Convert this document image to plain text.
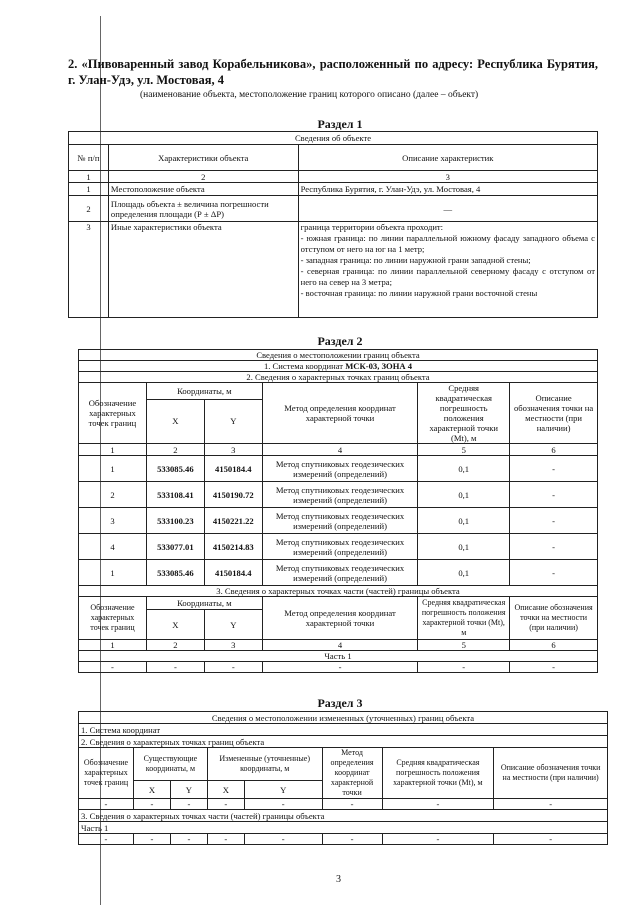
2. «Пивоваренный завод Корабельникова», расположенный по адресу: Республика Бурятия, г. Улан-Удэ, ул. Мостовая, 4
(наименование объекта, местоположение границ которого описано (далее – объект)
Раздел 1
Сведения об объекте		
№ п/п	Характеристики объекта	Описание характеристик
1	2	3
1	Местоположение объекта	Республика Бурятия, г. Улан-Удэ, ул. Мостовая, 4
2	Площадь объекта ± величина погрешности определения площади (Р ± ΔР)	—
3	Иные характеристики объекта	граница территории объекта проходит:
- южная граница: по линии параллельной южному фасаду западного объема с отступом от него на юг на 1 метр;
- западная граница: по линии наружной грани западной стены;
- северная граница: по линии параллельной северному фасаду с отступом от него на север на 3 метра;
- восточная граница: по линии наружной грани восточной стены
Раздел 2
Сведения о местоположении границ объекта					
1. Система координат МСК-03, ЗОНА 4					
2. Сведения о характерных точках границ объекта					
Обозначение характерных точек границ	Координаты, м		Метод определения координат характерной точки	Средняя квадратическая погрешность положения характерной точки (Mt), м	Описание обозначения точки на местности (при наличии)
	X	Y			
1	2	3	4	5	6
1	533085.46	4150184.4	Метод спутниковых геодезических измерений (определений)	0,1	-
2	533108.41	4150190.72	Метод спутниковых геодезических измерений (определений)	0,1	-
3	533100.23	4150221.22	Метод спутниковых геодезических измерений (определений)	0,1	-
4	533077.01	4150214.83	Метод спутниковых геодезических измерений (определений)	0,1	-
1	533085.46	4150184.4	Метод спутниковых геодезических измерений (определений)	0,1	-
3. Сведения о характерных точках части (частей) границы объекта					
Обозначение характерных точек границ	Координаты, м		Метод определения координат характерной точки	Средняя квадратическая погрешность положения характерной точки (Mt), м	Описание обозначения точки на местности (при наличии)
	X	Y			
1	2	3	4	5	6
Часть 1					
-	-	-	-	-	-
Раздел 3
Сведения о местоположении измененных (уточненных) границ объекта							
1. Система координат							
2. Сведения о характерных точках границ объекта							
Обозначение характерных точек границ	Существующие координаты, м		Измененные (уточненные) координаты, м		Метод определения координат характерной точки	Средняя квадратическая погрешность положения характерной точки (Mt), м	Описание обозначения точки на местности (при наличии)
	X	Y	X	Y			
-	-	-	-	-	-	-	-
3. Сведения о характерных точках части (частей) границы объекта							
Часть 1							
-	-	-	-	-	-	-	-
3
